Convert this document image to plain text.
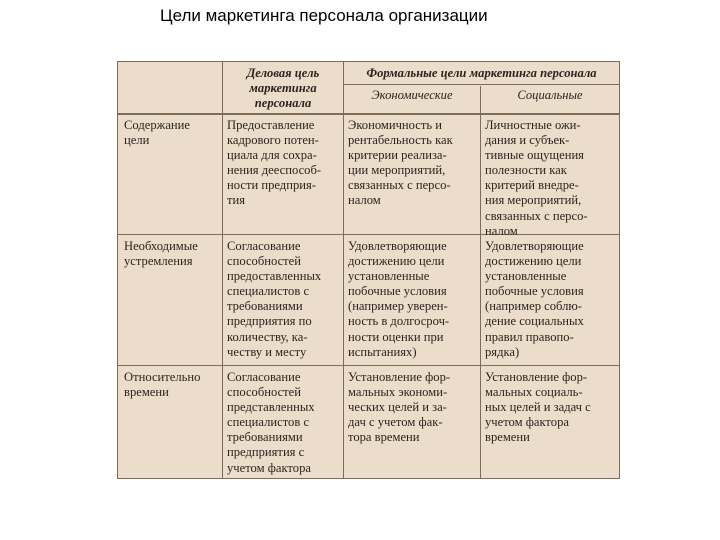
Цели маркетинга персонала организации
Деловая цель
маркетинга
персонала
Формальные цели маркетинга персонала
Экономические	Социальные
Содержание
цели
Предоставление
кадрового потен-
циала для сохра-
нения дееспособ-
ности предприя-
тия
Экономичность и
рентабельность как
критерии реализа-
ции мероприятий,
связанных с персо-
налом
Личностные ожи-
дания и субъек-
тивные ощущения
полезности как
критерий внедре-
ния мероприятий,
связанных с персо-
налом
Необходимые
устремления
Согласование
способностей
предоставленных
специалистов с
требованиями
предприятия по
количеству, ка-
честву и месту
Удовлетворяющие
достижению цели
установленные
побочные условия
(например уверен-
ность в долгосроч-
ности оценки при
испытаниях)
Удовлетворяющие
достижению цели
установленные
побочные условия
(например соблю-
дение социальных
правил правопо-
рядка)
Относительно
времени
Согласование
способностей
представленных
специалистов с
требованиями
предприятия с
учетом фактора
Установление фор-
мальных экономи-
ческих целей и за-
дач с учетом фак-
тора времени
Установление фор-
мальных социаль-
ных целей и задач с
учетом фактора
времени
